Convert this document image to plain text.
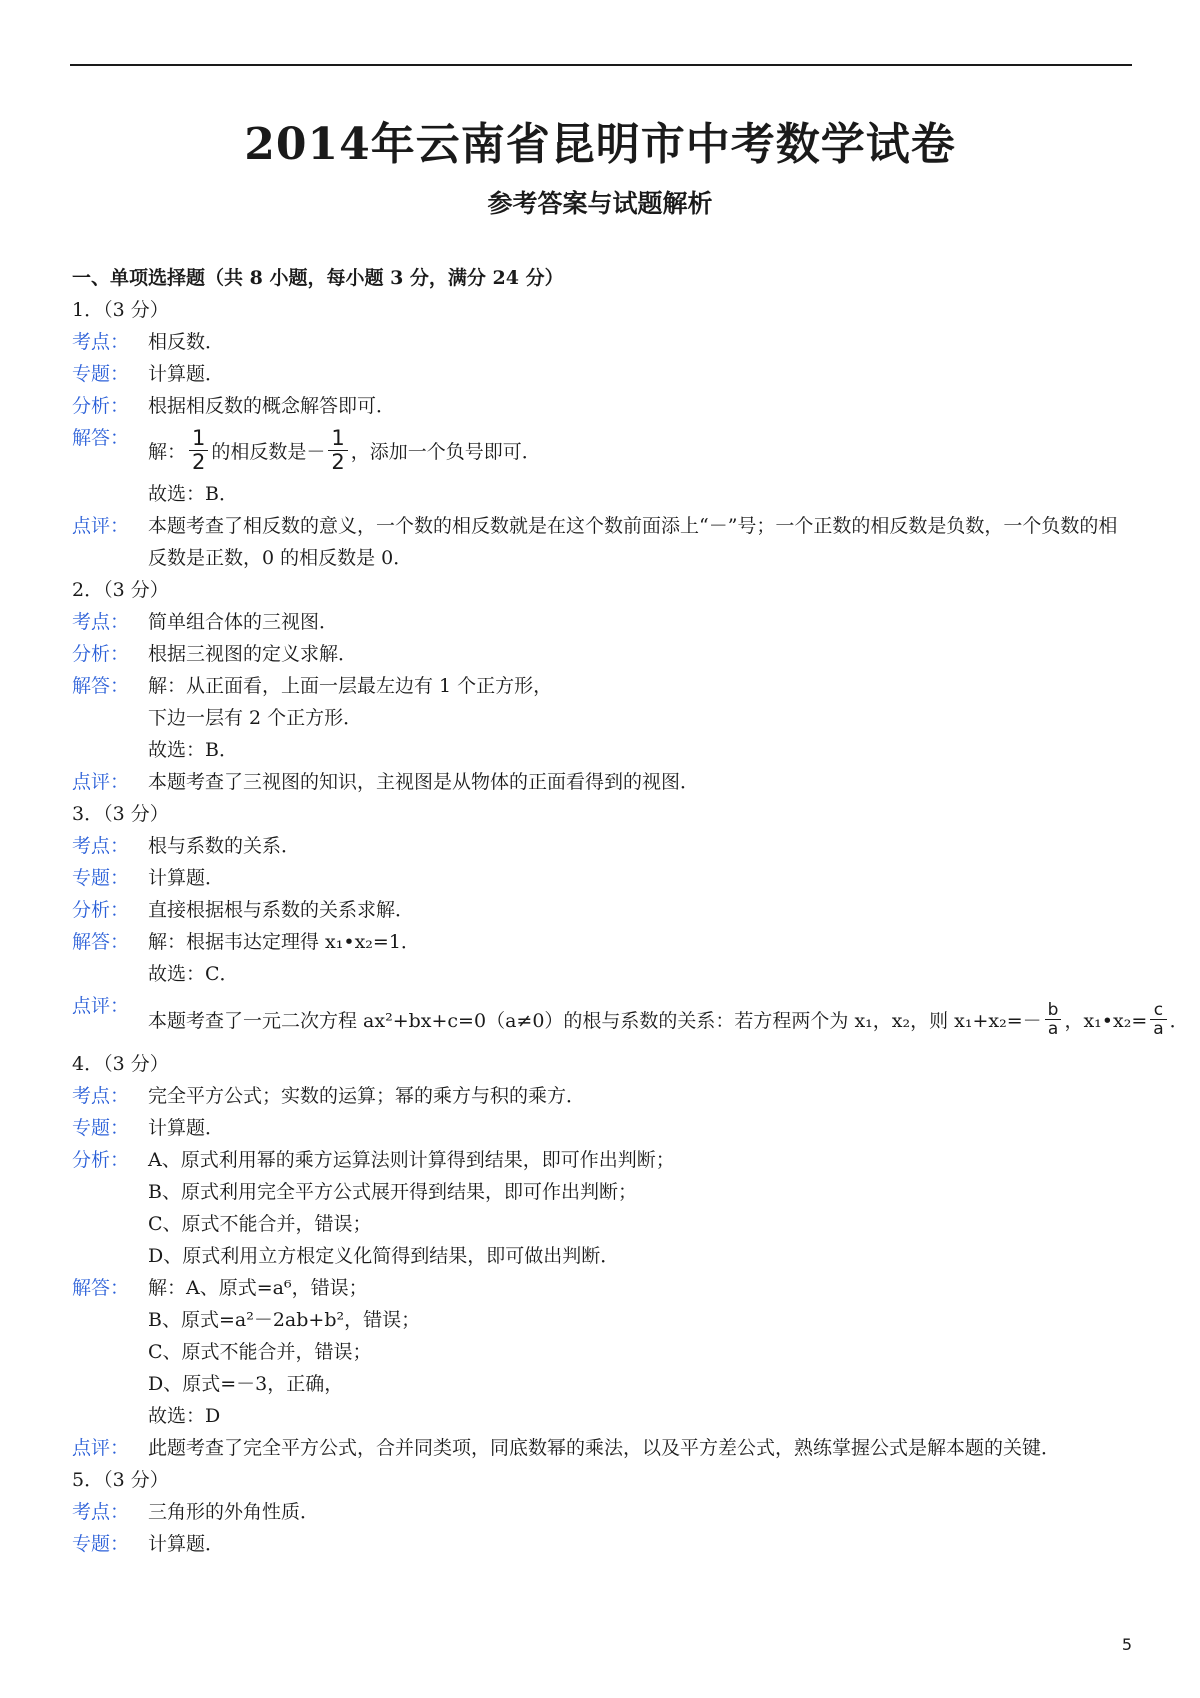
2014年云南省昆明市中考数学试卷
参考答案与试题解析
一、单项选择题（共 8 小题，每小题 3 分，满分 24 分）
1．（3 分）
考点： 相反数．
专题： 计算题．
分析： 根据相反数的概念解答即可．
解答：
解： $\frac{1}{2}$ 的相反数是－ $\frac{1}{2}$ ，添加一个负号即可．
故选：B．
点评： 本题考查了相反数的意义，一个数的相反数就是在这个数前面添上“－”号；一个正数的相反数是负数，一个负数的相反数是正数，0 的相反数是 0．
2．（3 分）
考点： 简单组合体的三视图．
分析： 根据三视图的定义求解．
解答： 解：从正面看，上面一层最左边有 1 个正方形，
下边一层有 2 个正方形．
故选：B．
点评： 本题考查了三视图的知识，主视图是从物体的正面看得到的视图．
3．（3 分）
考点： 根与系数的关系．
专题： 计算题．
分析： 直接根据根与系数的关系求解．
解答： 解：根据韦达定理得 x₁•x₂=1．
故选：C．
点评：
本题考查了一元二次方程 ax²+bx+c=0（a≠0）的根与系数的关系：若方程两个为 x₁，x₂，则 $x_1+x_2=- \frac{b}{a}$ ，x₁•x₂= $\frac{c}{a}$ ．
4．（3 分）
考点： 完全平方公式；实数的运算；幂的乘方与积的乘方．
专题： 计算题．
分析： A、原式利用幂的乘方运算法则计算得到结果，即可作出判断；
B、原式利用完全平方公式展开得到结果，即可作出判断；
C、原式不能合并，错误；
D、原式利用立方根定义化简得到结果，即可做出判断．
解答： 解：A、原式=a⁶，错误；
B、原式=a²－2ab+b²，错误；
C、原式不能合并，错误；
D、原式=－3，正确，
故选：D
点评： 此题考查了完全平方公式，合并同类项，同底数幂的乘法，以及平方差公式，熟练掌握公式是解本题的关键．
5．（3 分）
考点： 三角形的外角性质．
专题： 计算题．
5
